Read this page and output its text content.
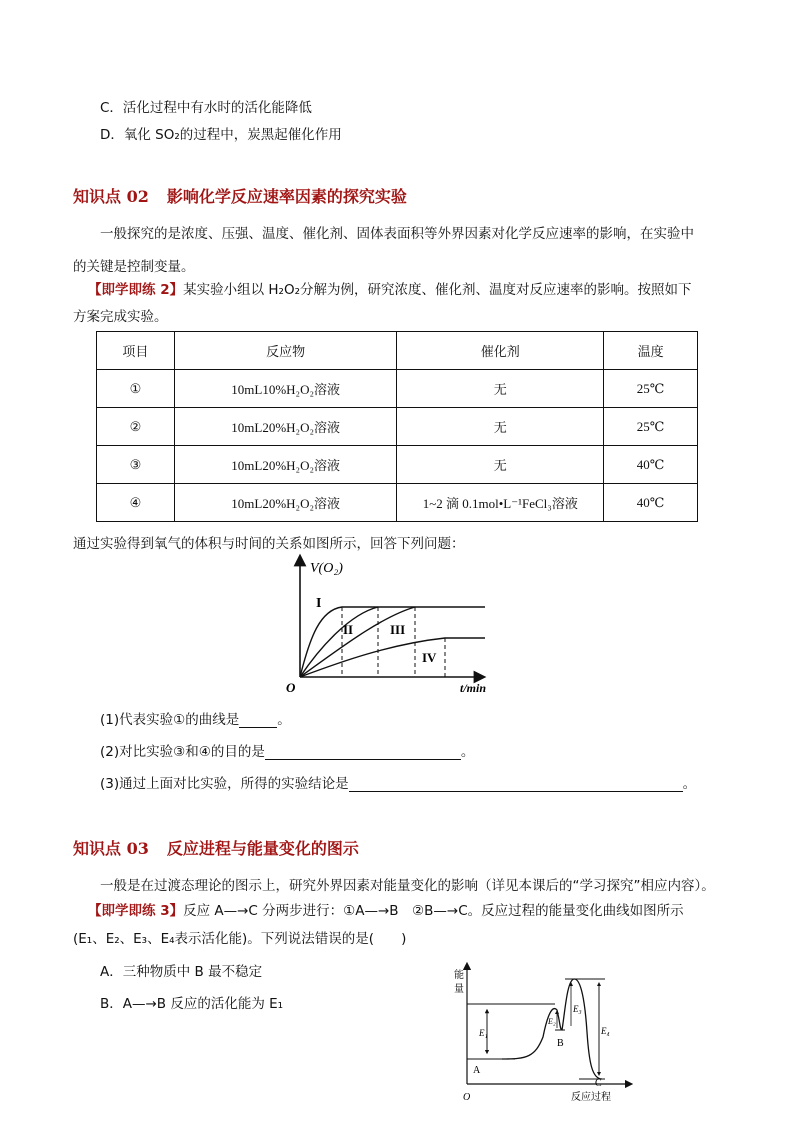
C．活化过程中有水时的活化能降低
D．氧化 SO₂的过程中，炭黑起催化作用
知识点 02 影响化学反应速率因素的探究实验
一般探究的是浓度、压强、温度、催化剂、固体表面积等外界因素对化学反应速率的影响，在实验中
的关键是控制变量。
【即学即练 2】某实验小组以 H₂O₂分解为例，研究浓度、催化剂、温度对反应速率的影响。按照如下
方案完成实验。
项目	反应物	催化剂	温度
①	10mL10%H₂O₂溶液	无	25℃
②	10mL20%H₂O₂溶液	无	25℃
③	10mL20%H₂O₂溶液	无	40℃
④	10mL20%H₂O₂溶液	1~2 滴 0.1mol•L⁻¹FeCl₃溶液	40℃
通过实验得到氧气的体积与时间的关系如图所示，回答下列问题：
V(O₂)
t/min
O
I
II	III
IV
(1)代表实验①的曲线是	。
(2)对比实验③和④的目的是	。
(3)通过上面对比实验，所得的实验结论是	。
知识点 03 反应进程与能量变化的图示
一般是在过渡态理论的图示上，研究外界因素对能量变化的影响（详见本课后的“学习探究”相应内容）。
【即学即练 3】反应 A—→C 分两步进行：①A—→B　②B—→C。反应过程的能量变化曲线如图所示
(E₁、E₂、E₃、E₄表示活化能)。下列说法错误的是(　　)
A．三种物质中 B 最不稳定
B．A—→B 反应的活化能为 E₁
能
量
反应过程
O
E₁
E₂
E₃
E₄
A
B
C
